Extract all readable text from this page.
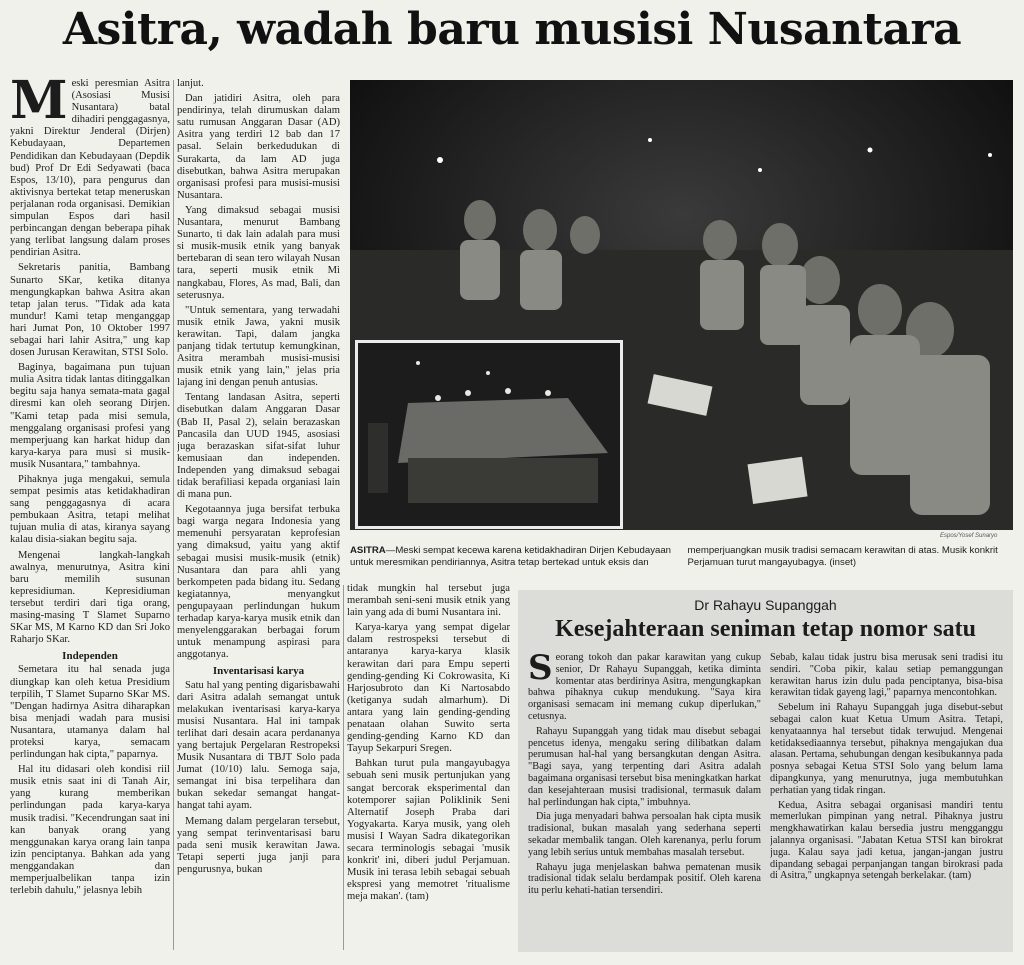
Asitra, wadah baru musisi Nusantara
M eski peresmian Asitra (Asosiasi Musisi Nusantara) batal dihadiri penggagasnya, yakni Direktur Jenderal (Dirjen) Kebudayaan, Departemen Pendidikan dan Kebudayaan (Depdik bud) Prof Dr Edi Sedyawati (baca Espos, 13/10), para pengurus dan aktivisnya bertekat tetap meneruskan perjalanan roda organisasi. Demikian simpulan Espos dari hasil perbincangan dengan beberapa pihak yang terlibat langsung dalam proses pendirian Asitra.

Sekretaris panitia, Bambang Sunarto SKar, ketika ditanya mengungkapkan bahwa Asitra akan tetap jalan terus. "Tidak ada kata mundur! Kami tetap menganggap hari Jumat Pon, 10 Oktober 1997 sebagai hari lahir Asitra," ung kap dosen Jurusan Kerawitan, STSI Solo.

Baginya, bagaimana pun tujuan mulia Asitra tidak lantas ditinggalkan begitu saja hanya semata-mata gagal diresmi kan oleh seorang Dirjen. "Kami tetap pada misi semula, menggalang organisasi profesi yang memperjuang kan harkat hidup dan karya-karya para musi si musik-musik Nusantara," tambahnya.

Pihaknya juga mengakui, semula sempat pesimis atas ketidakhadiran sang penggagasnya di acara pembukaan Asitra, tetapi melihat tujuan mulia di atas, kiranya sayang kalau disia-siakan begitu saja.

Mengenai langkah-langkah awalnya, menurutnya, Asitra kini baru memilih susunan kepresidiuman. Kepresidiuman tersebut terdiri dari tiga orang, masing-masing T Slamet Suparno SKar MS, M Karno KD dan Sri Joko Raharjo SKar.

Independen

Semetara itu hal senada juga diungkap kan oleh ketua Presidium terpilih, T Slamet Suparno SKar MS. "Dengan hadirnya Asitra diharapkan bisa menjadi wadah para musisi Nusantara, utamanya dalam hal proteksi karya, semacam perlindungan hak cipta," paparnya.

Hal itu didasari oleh kondisi riil musik etnis saat ini di Tanah Air, yang kurang memberikan perlindungan pada karya-karya musik tradisi. "Kecendrungan saat ini kan banyak orang yang menggunakan karya orang lain tanpa izin penciptanya. Bahkan ada yang menggandakan dan memperjualbelikan tanpa izin terlebih dahulu," jelasnya lebih

lanjut.

Dan jatidiri Asitra, oleh para pendirinya, telah dirumuskan dalam satu rumusan Anggaran Dasar (AD) Asitra yang terdiri 12 bab dan 17 pasal. Selain berkedudukan di Surakarta, da lam AD juga disebutkan, bahwa Asitra merupakan organisasi profesi para musisi-musisi Nusantara.

Yang dimaksud sebagai musisi Nusantara, menurut Bambang Sunarto, ti dak lain adalah para musi si musik-musik etnik yang banyak bertebaran di sean tero wilayah Nusan tara, seperti musik etnik Mi nangkabau, Flores, As mad, Bali, dan seterusnya.

"Untuk sementara, yang terwadahi musik etnik Jawa, yakni musik kerawitan. Tapi, dalam jangka panjang tidak tertutup kemungkinan, Asitra merambah musisi-musisi musik etnik yang lain," jelas pria lajang ini dengan penuh antusias.

Tentang landasan Asitra, seperti disebutkan dalam Anggaran Dasar (Bab II, Pasal 2), selain berazaskan Pancasila dan UUD 1945, asosiasi juga berazaskan sifat-sifat luhur kemusiaan dan independen. Independen yang dimaksud sebagai tidak berafiliasi kepada organiasi lain di mana pun.

Kegotaannya juga bersifat terbuka bagi warga negara Indonesia yang memenuhi persyaratan keprofesian yang dimaksud, yaitu yang aktif sebagai musisi musik-musik (etnik) Nusantara dan para ahli yang berkompeten pada bidang itu. Sedang kegiatannya, menyangkut pengupayaan perlindungan hukum terhadap karya-karya musik etnik dan menyelenggarakan berbagai forum untuk menampung aspirasi para anggotanya.

Inventarisasi karya

Satu hal yang penting digarisbawahi dari Asitra adalah semangat untuk melakukan iventarisasi karya-karya musisi Nusantara. Hal ini tampak terlihat dari desain acara perdananya yang bertajuk Pergelaran Restropeksi Musik Nusantara di TBJT Solo pada Jumat (10/10) lalu. Semoga saja, semangat ini bisa terpelihara dan bukan sekedar semangat hangat-hangat tahi ayam.

Memang dalam pergelaran tersebut, yang sempat terinventarisasi baru pada seni musik kerawitan Jawa. Tetapi seperti juga janji para pengurusnya, bukan

Espos/Yosef Sunaryo
ASITRA—Meski sempat kecewa karena ketidakhadiran Dirjen Kebudayaan untuk meresmikan pendiriannya, Asitra tetap bertekad untuk eksis dan memperjuangkan musik tradisi semacam kerawitan di atas. Musik konkrit Perjamuan turut mangayubagya. (inset)

tidak mungkin hal tersebut juga merambah seni-seni musik etnik yang lain yang ada di bumi Nusantara ini.

Karya-karya yang sempat digelar dalam restrospeksi tersebut di antaranya karya-karya klasik kerawitan dari para Empu seperti gending-gending Ki Cokrowasita, Ki Harjosubroto dan Ki Nartosabdo (ketiganya sudah almarhum). Di antara yang lain gending-gending penataan olahan Suwito serta gending-gending Karno KD dan Tayup Sekarpuri Sregen.

Bahkan turut pula mangayubagya sebuah seni musik pertunjukan yang sangat bercorak eksperimental dan kotemporer sajian Poliklinik Seni Alternatif Joseph Praba dari Yogyakarta. Karya musik, yang oleh musisi I Wayan Sadra dikategorikan secara terminologis sebagai 'musik konkrit' ini, diberi judul Perjamuan. Musik ini terasa lebih sebagai sebuah ekspresi yang memotret 'ritualisme meja makan'. (tam)

Dr Rahayu Supanggah
Kesejahteraan seniman tetap nomor satu
S eorang tokoh dan pakar karawitan yang cukup senior, Dr Rahayu Supanggah, ketika diminta komentar atas berdirinya Asitra, mengungkapkan bahwa pihaknya cukup mendukung. "Saya kira organisasi semacam ini memang cukup diperlukan," cetusnya.

Rahayu Supanggah yang tidak mau disebut sebagai pencetus idenya, mengaku sering dilibatkan dalam perumusan hal-hal yang bersangkutan dengan Asitra. "Bagi saya, yang terpenting dari Asitra adalah bagaimana organisasi tersebut bisa meningkatkan harkat dan kesejahteraan musisi tradisional, termasuk dalam hal perlindungan hak cipta," imbuhnya.

Dia juga menyadari bahwa persoalan hak cipta musik tradisional, bukan masalah yang sederhana seperti sekadar membalik tangan. Oleh karenanya, perlu forum yang lebih serius untuk membahas masalah tersebut.

Rahayu juga menjelaskan bahwa pematenan musik tradisional tidak selalu berdampak positif. Oleh karena itu perlu kehati-hatian tersendiri.

Sebab, kalau tidak justru bisa merusak seni tradisi itu sendiri. "Coba pikir, kalau setiap pemanggungan kerawitan harus izin dulu pada penciptanya, bisa-bisa kerawitan tidak gayeng lagi," paparnya mencontohkan.

Sebelum ini Rahayu Supanggah juga disebut-sebut sebagai calon kuat Ketua Umum Asitra. Tetapi, kenyataannya hal tersebut tidak terwujud. Mengenai ketidaksediaannya tersebut, pihaknya mengajukan dua alasan. Pertama, sehubungan dengan kesibukannya pada posnya sebagai Ketua STSI Solo yang belum lama dipangkunya, yang menurutnya, juga membutuhkan perhatian yang tidak ringan.

Kedua, Asitra sebagai organisasi mandiri tentu memerlukan pimpinan yang netral. Pihaknya justru mengkhawatirkan kalau bersedia justru mengganggu jalannya organisasi. "Jabatan Ketua STSI kan birokrat juga. Kalau saya jadi ketua, jangan-jangan justru dipandang sebagai perpanjangan tangan birokrasi pada di Asitra," ungkapnya setengah berkelakar. (tam)
